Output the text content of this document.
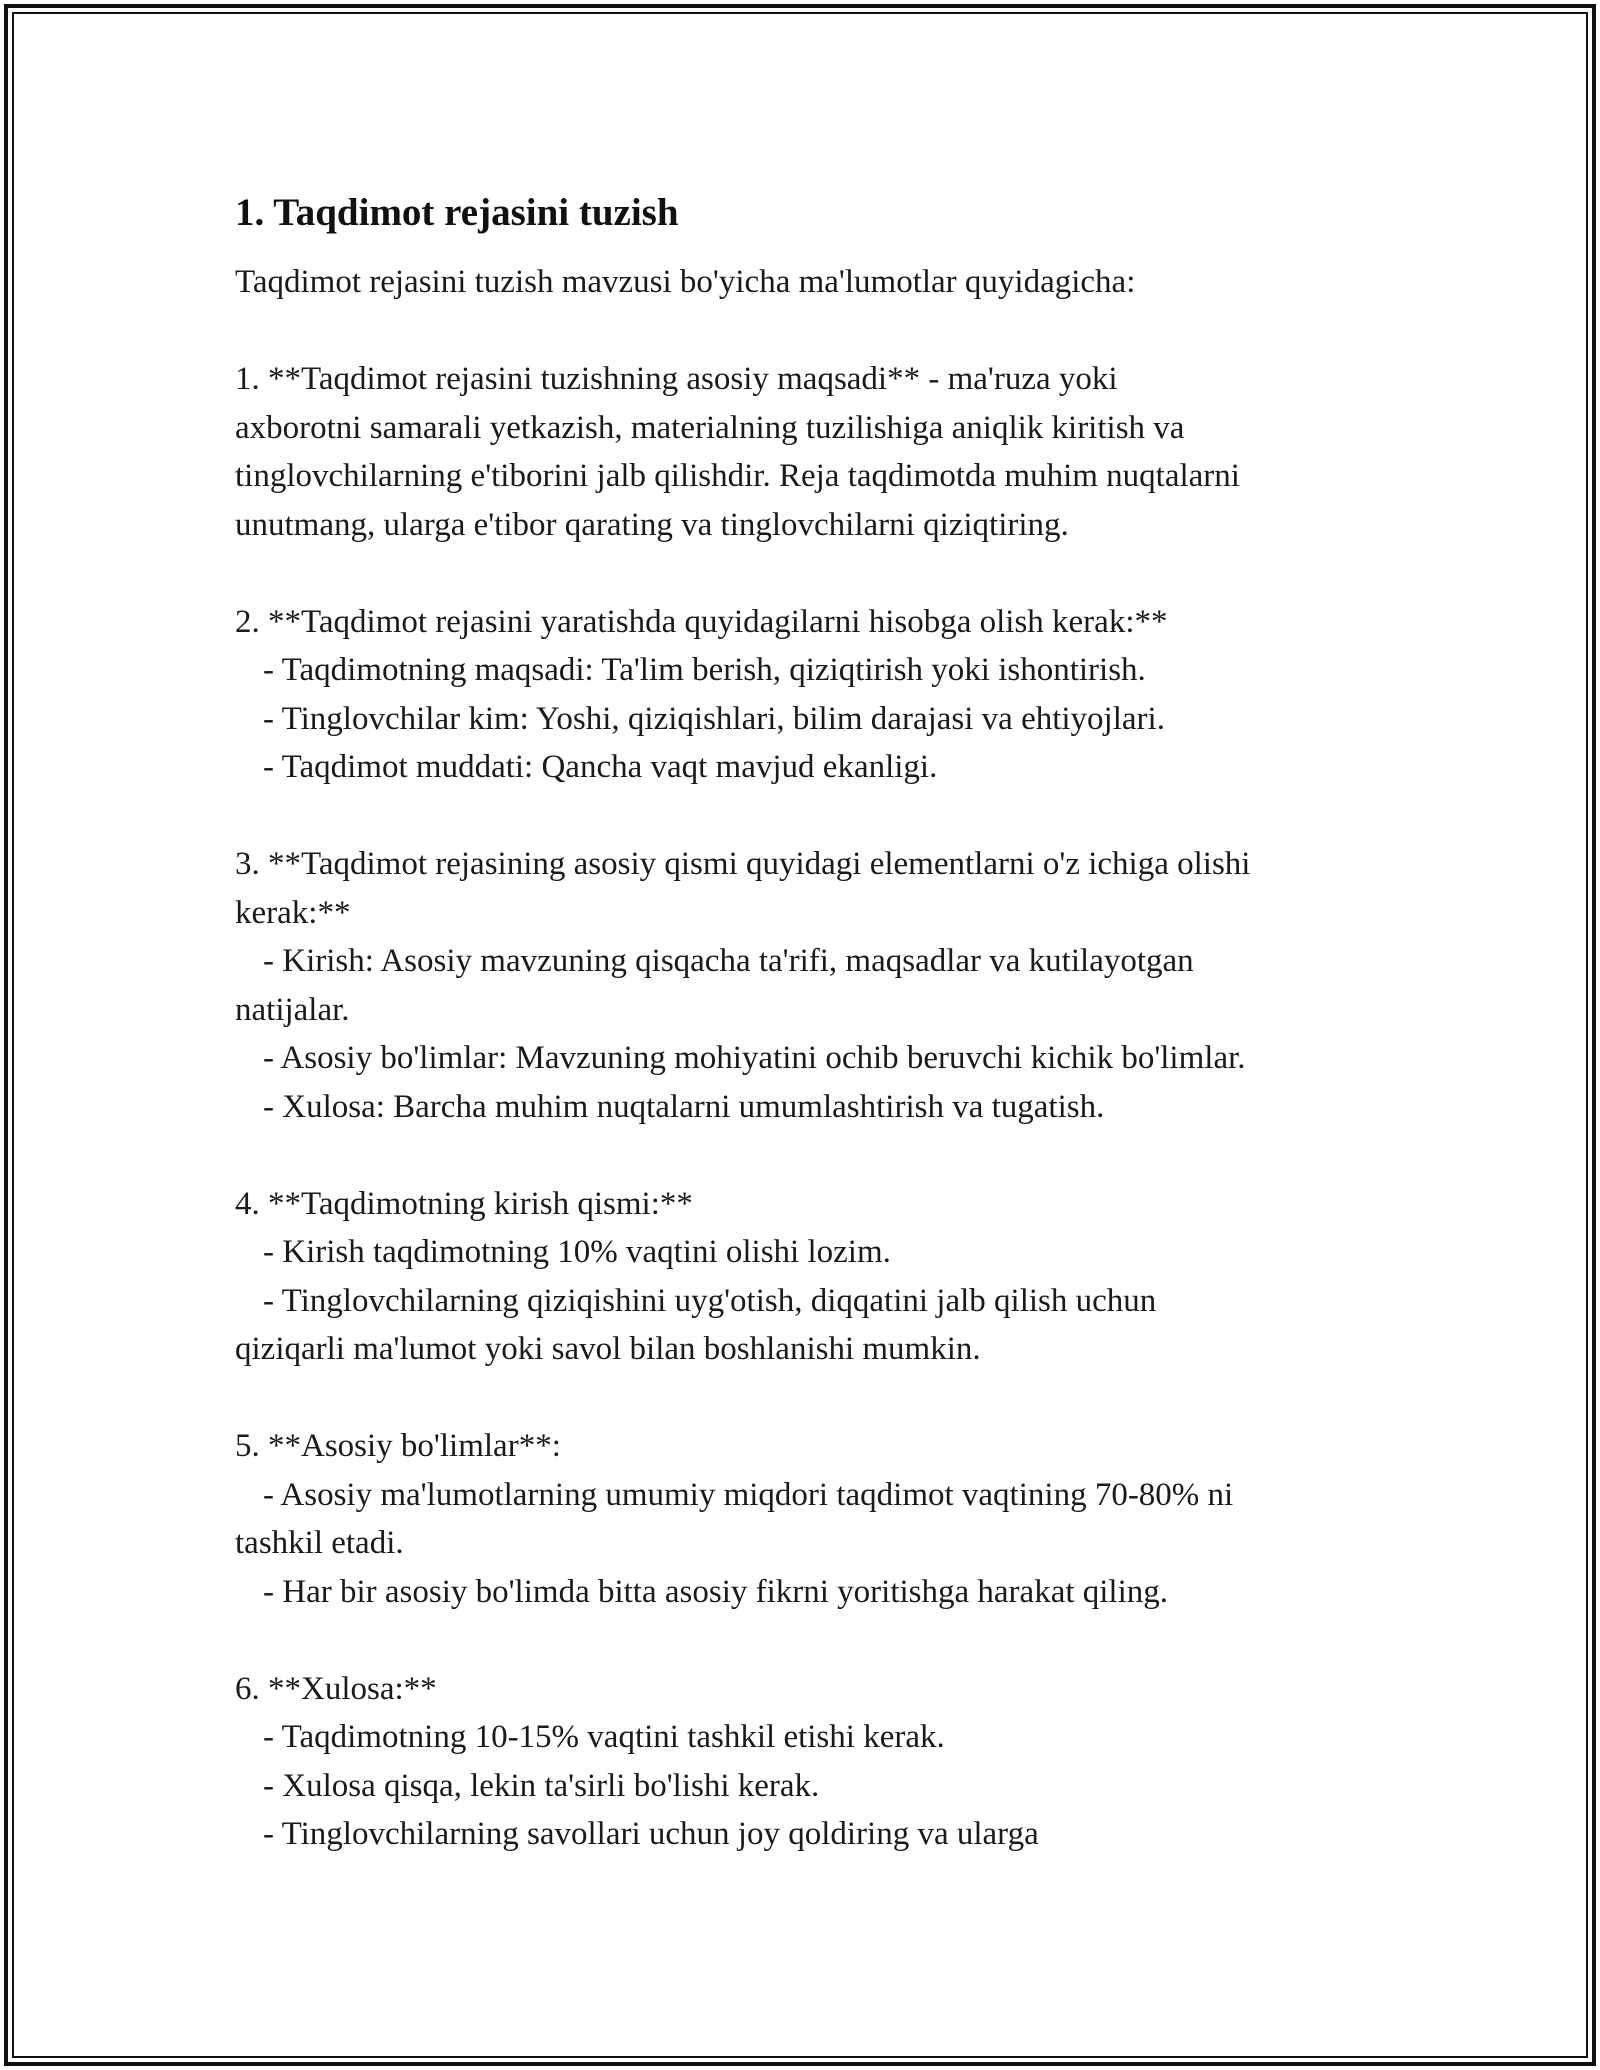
1. Taqdimot rejasini tuzish

Taqdimot rejasini tuzish mavzusi bo'yicha ma'lumotlar quyidagicha:

1. **Taqdimot rejasini tuzishning asosiy maqsadi** - ma'ruza yoki

axborotni samarali yetkazish, materialning tuzilishiga aniqlik kiritish va

tinglovchilarning e'tiborini jalb qilishdir. Reja taqdimotda muhim nuqtalarni

unutmang, ularga e'tibor qarating va tinglovchilarni qiziqtiring.

2. **Taqdimot rejasini yaratishda quyidagilarni hisobga olish kerak:**

- Taqdimotning maqsadi: Ta'lim berish, qiziqtirish yoki ishontirish.

- Tinglovchilar kim: Yoshi, qiziqishlari, bilim darajasi va ehtiyojlari.

- Taqdimot muddati: Qancha vaqt mavjud ekanligi.

3. **Taqdimot rejasining asosiy qismi quyidagi elementlarni o'z ichiga olishi

kerak:**

- Kirish: Asosiy mavzuning qisqacha ta'rifi, maqsadlar va kutilayotgan

natijalar.

- Asosiy bo'limlar: Mavzuning mohiyatini ochib beruvchi kichik bo'limlar.

- Xulosa: Barcha muhim nuqtalarni umumlashtirish va tugatish.

4. **Taqdimotning kirish qismi:**

- Kirish taqdimotning 10% vaqtini olishi lozim.

- Tinglovchilarning qiziqishini uyg'otish, diqqatini jalb qilish uchun

qiziqarli ma'lumot yoki savol bilan boshlanishi mumkin.

5. **Asosiy bo'limlar**:

- Asosiy ma'lumotlarning umumiy miqdori taqdimot vaqtining 70-80% ni

tashkil etadi.

- Har bir asosiy bo'limda bitta asosiy fikrni yoritishga harakat qiling.

6. **Xulosa:**

- Taqdimotning 10-15% vaqtini tashkil etishi kerak.

- Xulosa qisqa, lekin ta'sirli bo'lishi kerak.

- Tinglovchilarning savollari uchun joy qoldiring va ularga
